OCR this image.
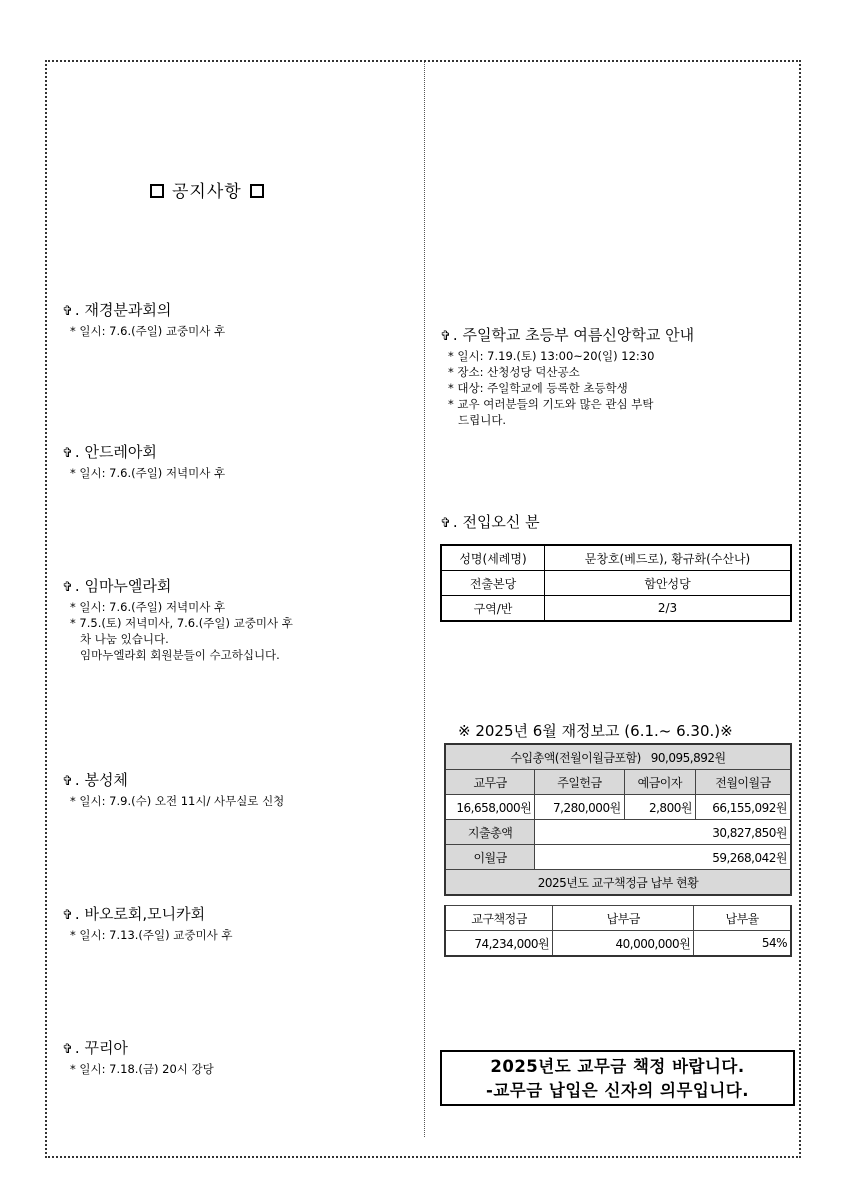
공지사항
✞ . 재경분과회의
* 일시: 7.6.(주일) 교중미사 후
✞ . 안드레아회
* 일시: 7.6.(주일) 저녁미사 후
✞ . 임마누엘라회
* 일시: 7.6.(주일) 저녁미사 후
* 7.5.(토) 저녁미사, 7.6.(주일) 교중미사 후
차 나눔 있습니다.
임마누엘라회 회원분들이 수고하십니다.
✞ . 봉성체
* 일시: 7.9.(수) 오전 11시/ 사무실로 신청
✞ . 바오로회,모니카회
* 일시: 7.13.(주일) 교중미사 후
✞ . 꾸리아
* 일시: 7.18.(금) 20시 강당
✞ . 주일학교 초등부 여름신앙학교 안내
* 일시: 7.19.(토) 13:00~20(일) 12:30
* 장소: 산청성당 덕산공소
* 대상: 주일학교에 등록한 초등학생
* 교우 여러분들의 기도와 많은 관심 부탁
드립니다.
✞ . 전입오신 분
성명(세례명)	문창호(베드로), 황규화(수산나)
전출본당	함안성당
구역/반	2/3
※ 2025년 6월 재정보고 (6.1.~ 6.30.)※
수입총액(전월이월금포함) 90,095,892원			
교무금	주일헌금	예금이자	전월이월금
16,658,000원	7,280,000원	2,800원	66,155,092원
지출총액	30,827,850원		
이월금	59,268,042원		
2025년도 교구책정금 납부 현황			
교구책정금	납부금	납부율
74,234,000원	40,000,000원	54%
2025년도 교무금 책정 바랍니다.
-교무금 납입은 신자의 의무입니다.
